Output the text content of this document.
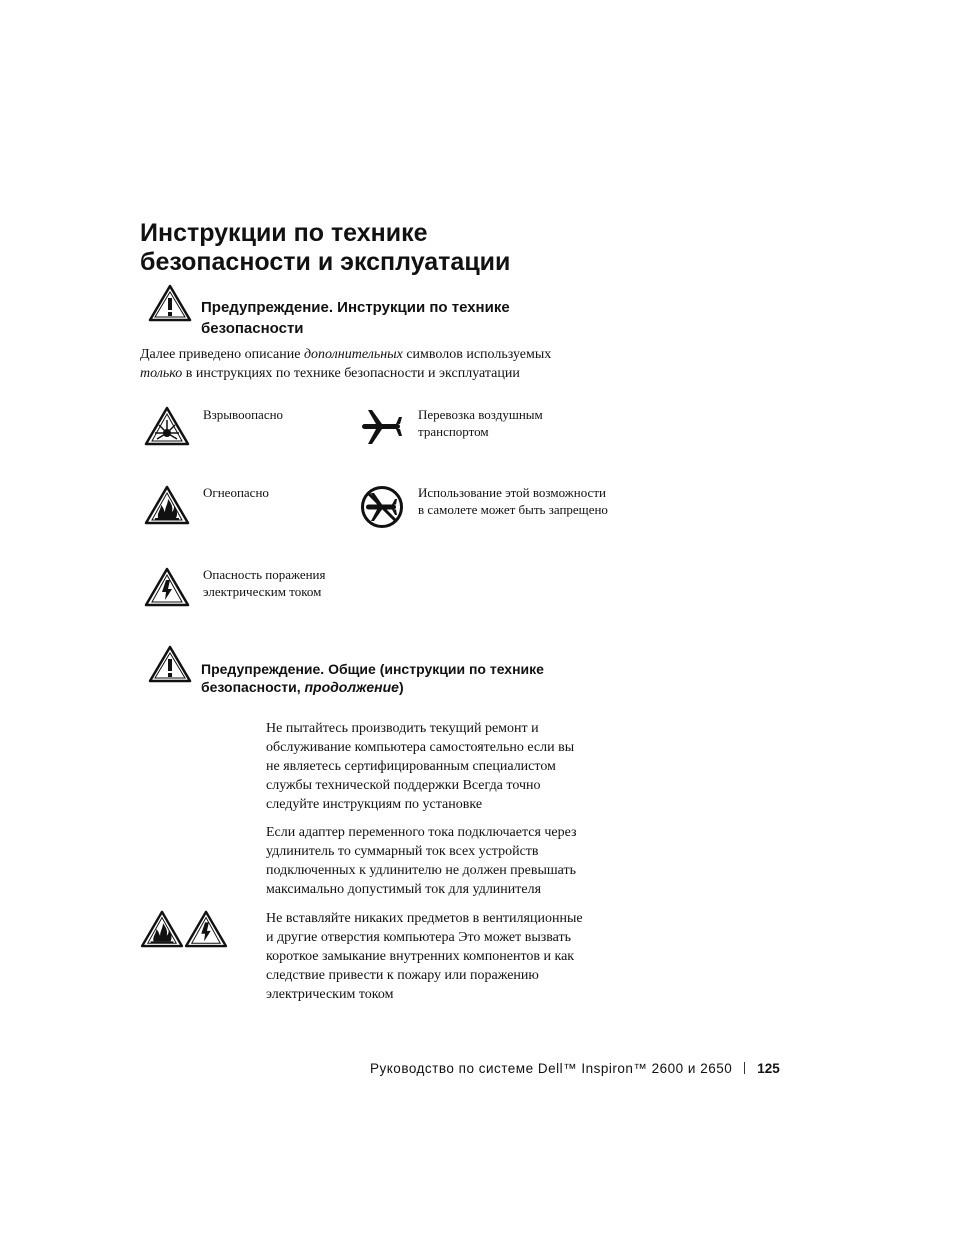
Инструкции по технике
безопасности и эксплуатации
Предупреждение. Инструкции по технике
безопасности
Далее приведено описание дополнительных символов используемых
только в инструкциях по технике безопасности и эксплуатации
Взрывоопасно	Перевозка воздушным
транспортом
Огнеопасно	Использование этой возможности
в самолете может быть запрещено
Опасность поражения
электрическим током
Предупреждение. Общие (инструкции по технике
безопасности, продолжение)
Не пытайтесь производить текущий ремонт и
обслуживание компьютера самостоятельно если вы
не являетесь сертифицированным специалистом
службы технической поддержки Всегда точно
следуйте инструкциям по установке
Если адаптер переменного тока подключается через
удлинитель то суммарный ток всех устройств
подключенных к удлинителю не должен превышать
максимально допустимый ток для удлинителя
Не вставляйте никаких предметов в вентиляционные
и другие отверстия компьютера Это может вызвать
короткое замыкание внутренних компонентов и как
следствие привести к пожару или поражению
электрическим током
Руководство по системе Dell™ Inspiron™ 2600 и 2650 125
